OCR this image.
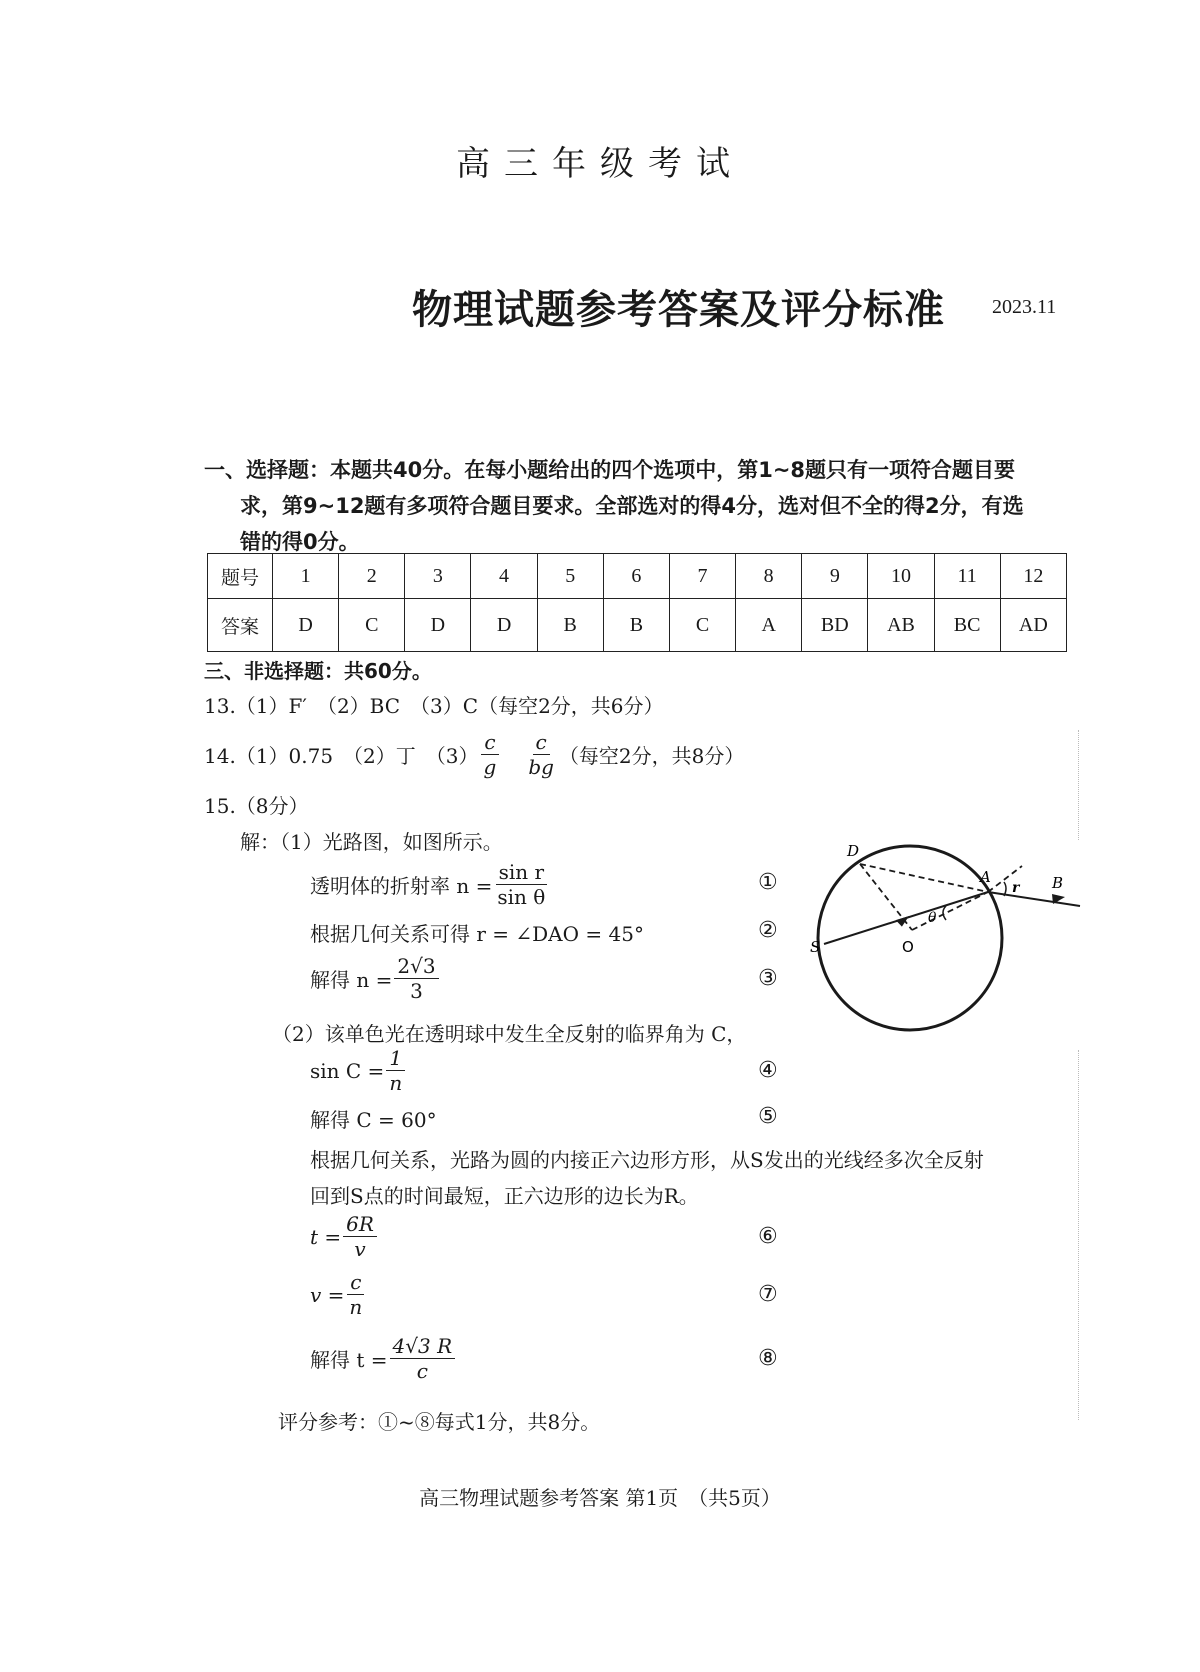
高三年级考试
物理试题参考答案及评分标准 2023.11
一、选择题：本题共40分。在每小题给出的四个选项中，第1~8题只有一项符合题目要
求，第9~12题有多项符合题目要求。全部选对的得4分，选对但不全的得2分，有选
错的得0分。
题号	1	2	3	4	5	6	7	8	9	10	11	12
答案	D	C	D	D	B	B	C	A	BD	AB	BC	AD
三、非选择题：共60分。
13.（1）F′　（2）BC　（3）C（每空2分，共6分）
14.（1）0.75　（2）丁　$(3) \frac{c}{g} \frac{c}{bg}$ （每空2分，共8分）
15.（8分）
解：（1）光路图，如图所示。
透明体的折射率 $n = \frac{\text{sin r}}{\text{sin θ}}$	①
根据几何关系可得 r = ∠DAO = 45°	②
解得 $n = \frac{2√3}{3}$	③
（2）该单色光在透明球中发生全反射的临界角为 C，
$\sin C = \frac{1}{n}$	④
解得 C = 60°	⑤
根据几何关系，光路为圆的内接正六边形方形，从S发出的光线经多次全反射
回到S点的时间最短，正六边形的边长为R。
$t = \frac{6R}{v}$	⑥
$v = \frac{c}{n}$	⑦
解得 $t = \frac{4√3 R}{c}$	⑧
评分参考：①~⑧每式1分，共8分。
D
A
r B
S	O
θ
高三物理试题参考答案 第1页　（共5页）
